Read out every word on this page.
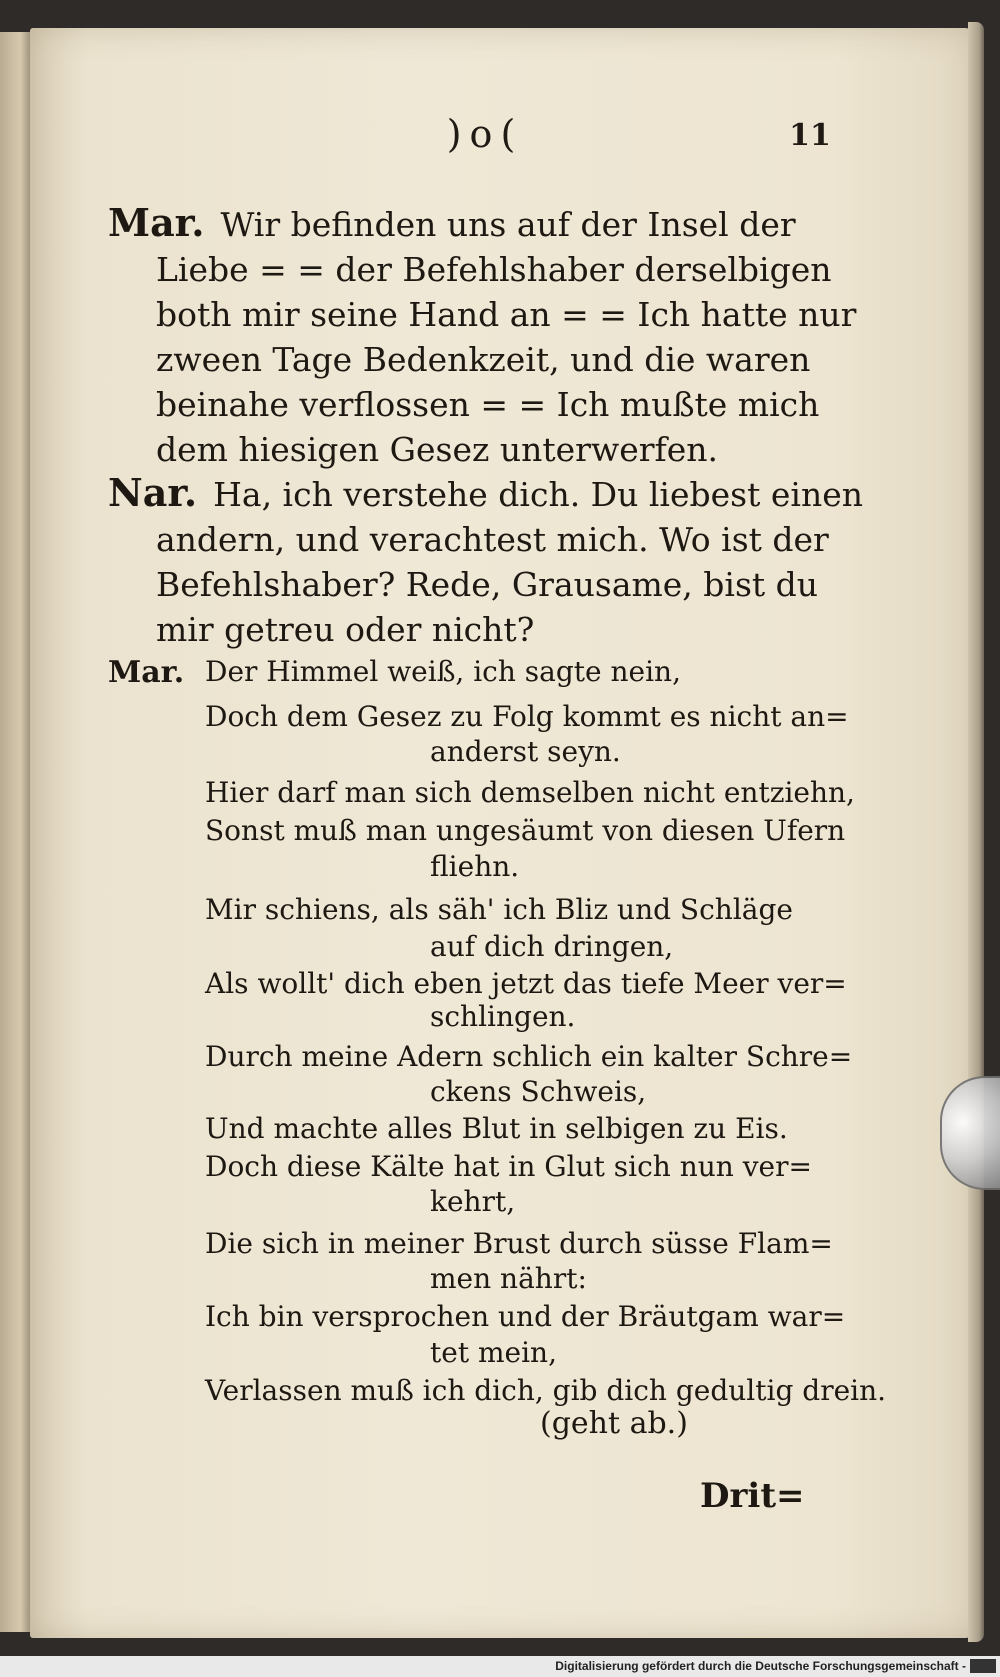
)o(	11
Mar. Wir befinden uns auf der Insel der Liebe = = der Befehlshaber derselbigen both mir seine Hand an = = Ich hatte nur zween Tage Bedenkzeit, und die waren beinahe verflossen = = Ich mußte mich dem hiesigen Gesez unterwerfen.
Nar. Ha, ich verstehe dich. Du liebest einen andern, und verachtest mich. Wo ist der Befehlshaber? Rede, Grausame, bist du mir getreu oder nicht?
Mar. Der Himmel weiß, ich sagte nein,
Doch dem Gesez zu Folg kommt es nicht an=
anderst seyn.
Hier darf man sich demselben nicht entziehn,
Sonst muß man ungesäumt von diesen Ufern
fliehn.
Mir schiens, als säh' ich Bliz und Schläge
auf dich dringen,
Als wollt' dich eben jetzt das tiefe Meer ver=
schlingen.
Durch meine Adern schlich ein kalter Schre=
ckens Schweis,
Und machte alles Blut in selbigen zu Eis.
Doch diese Kälte hat in Glut sich nun ver=
kehrt,
Die sich in meiner Brust durch süsse Flam=
men nährt:
Ich bin versprochen und der Bräutgam war=
tet mein,
Verlassen muß ich dich, gib dich gedultig drein.
(geht ab.)
Drit=
Digitalisierung gefördert durch die Deutsche Forschungsgemeinschaft -
